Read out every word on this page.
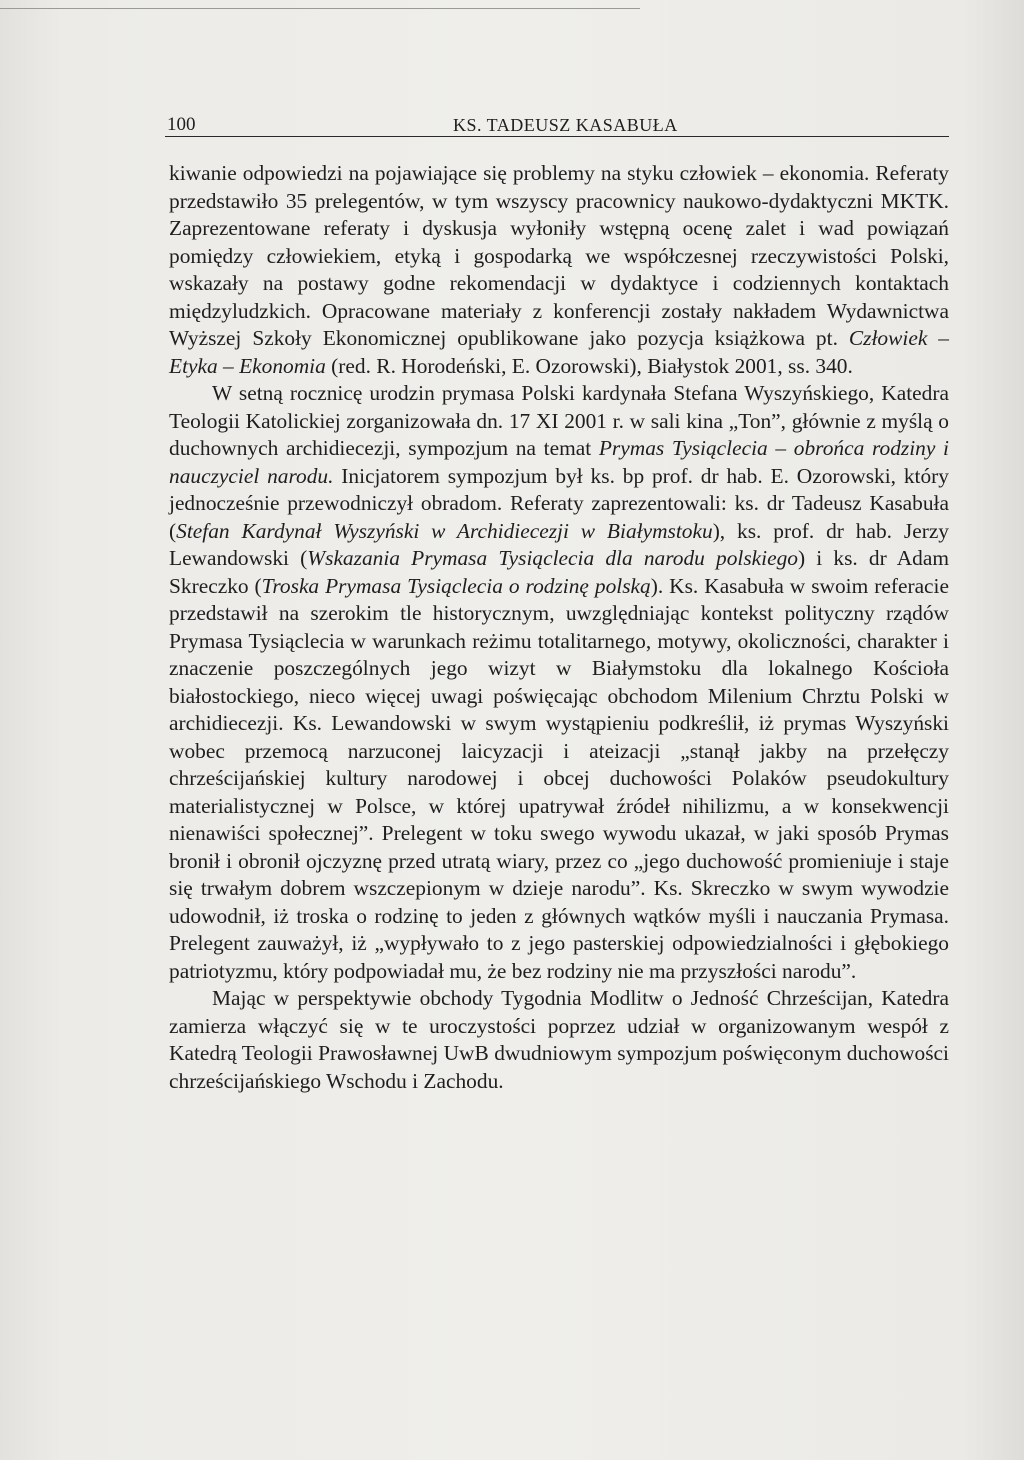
100	KS. TADEUSZ KASABUŁA

kiwanie odpowiedzi na pojawiające się problemy na styku człowiek – ekonomia. Referaty przedstawiło 35 prelegentów, w tym wszyscy pracownicy naukowo-dydaktyczni MKTK. Zaprezentowane referaty i dyskusja wyłoniły wstępną ocenę zalet i wad powiązań pomiędzy człowiekiem, etyką i gospodarką we współczesnej rzeczywistości Polski, wskazały na postawy godne rekomendacji w dydaktyce i codziennych kontaktach międzyludzkich. Opracowane materiały z konferencji zostały nakładem Wydawnictwa Wyższej Szkoły Ekonomicznej opublikowane jako pozycja książkowa pt. Człowiek – Etyka – Ekonomia (red. R. Horodeński, E. Ozorowski), Białystok 2001, ss. 340.

W setną rocznicę urodzin prymasa Polski kardynała Stefana Wyszyńskiego, Katedra Teologii Katolickiej zorganizowała dn. 17 XI 2001 r. w sali kina „Ton”, głównie z myślą o duchownych archidiecezji, sympozjum na temat Prymas Tysiąclecia – obrońca rodziny i nauczyciel narodu. Inicjatorem sympozjum był ks. bp prof. dr hab. E. Ozorowski, który jednocześnie przewodniczył obradom. Referaty zaprezentowali: ks. dr Tadeusz Kasabuła (Stefan Kardynał Wyszyński w Archidiecezji w Białymstoku), ks. prof. dr hab. Jerzy Lewandowski (Wskazania Prymasa Tysiąclecia dla narodu polskiego) i ks. dr Adam Skreczko (Troska Prymasa Tysiąclecia o rodzinę polską). Ks. Kasabuła w swoim referacie przedstawił na szerokim tle historycznym, uwzględniając kontekst polityczny rządów Prymasa Tysiąclecia w warunkach reżimu totalitarnego, motywy, okoliczności, charakter i znaczenie poszczególnych jego wizyt w Białymstoku dla lokalnego Kościoła białostockiego, nieco więcej uwagi poświęcając obchodom Milenium Chrztu Polski w archidiecezji. Ks. Lewandowski w swym wystąpieniu podkreślił, iż prymas Wyszyński wobec przemocą narzuconej laicyzacji i ateizacji „stanął jakby na przełęczy chrześcijańskiej kultury narodowej i obcej duchowości Polaków pseudokultury materialistycznej w Polsce, w której upatrywał źródeł nihilizmu, a w konsekwencji nienawiści społecznej”. Prelegent w toku swego wywodu ukazał, w jaki sposób Prymas bronił i obronił ojczyznę przed utratą wiary, przez co „jego duchowość promieniuje i staje się trwałym dobrem wszczepionym w dzieje narodu”. Ks. Skreczko w swym wywodzie udowodnił, iż troska o rodzinę to jeden z głównych wątków myśli i nauczania Prymasa. Prelegent zauważył, iż „wypływało to z jego pasterskiej odpowiedzialności i głębokiego patriotyzmu, który podpowiadał mu, że bez rodziny nie ma przyszłości narodu”.

Mając w perspektywie obchody Tygodnia Modlitw o Jedność Chrześcijan, Katedra zamierza włączyć się w te uroczystości poprzez udział w organizowanym wespół z Katedrą Teologii Prawosławnej UwB dwudniowym sympozjum poświęconym duchowości chrześcijańskiego Wschodu i Zachodu.
